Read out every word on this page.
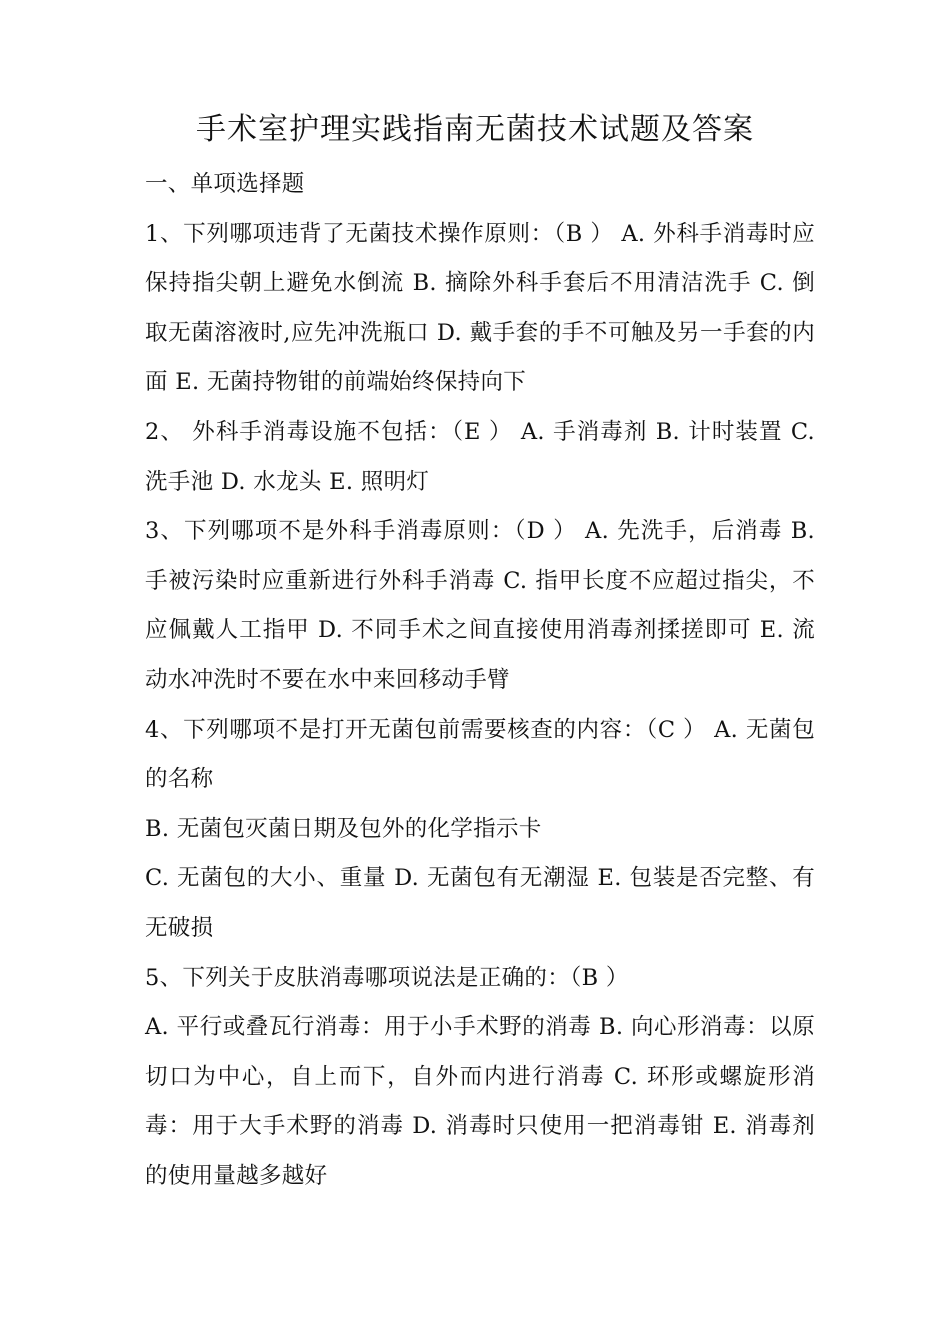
手术室护理实践指南无菌技术试题及答案

一、单项选择题

1、下列哪项违背了无菌技术操作原则：（B ） A. 外科手消毒时应保持指尖朝上避免水倒流 B. 摘除外科手套后不用清洁洗手 C. 倒取无菌溶液时,应先冲洗瓶口 D. 戴手套的手不可触及另一手套的内面 E. 无菌持物钳的前端始终保持向下

2、 外科手消毒设施不包括：（E ） A. 手消毒剂 B. 计时装置 C. 洗手池 D. 水龙头 E. 照明灯

3、下列哪项不是外科手消毒原则：（D ） A. 先洗手，后消毒 B. 手被污染时应重新进行外科手消毒 C. 指甲长度不应超过指尖，不应佩戴人工指甲 D. 不同手术之间直接使用消毒剂揉搓即可 E. 流动水冲洗时不要在水中来回移动手臂

4、下列哪项不是打开无菌包前需要核查的内容：（C ） A. 无菌包的名称

B. 无菌包灭菌日期及包外的化学指示卡

C. 无菌包的大小、重量 D. 无菌包有无潮湿 E. 包装是否完整、有无破损

5、下列关于皮肤消毒哪项说法是正确的：（B ）

A. 平行或叠瓦行消毒：用于小手术野的消毒 B. 向心形消毒：以原切口为中心，自上而下，自外而内进行消毒 C. 环形或螺旋形消毒：用于大手术野的消毒 D. 消毒时只使用一把消毒钳 E. 消毒剂的使用量越多越好
